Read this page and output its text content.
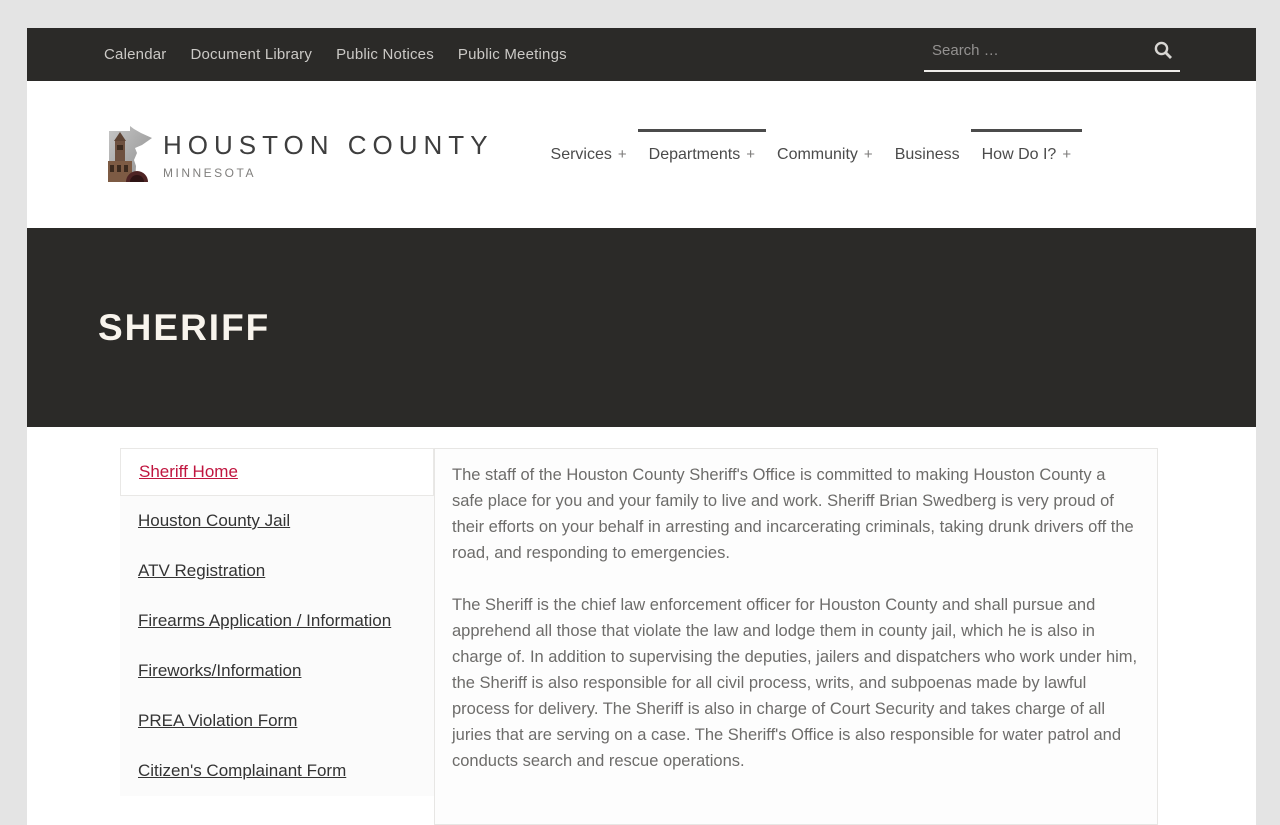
Calendar Document Library Public Notices Public Meetings
Search …
HOUSTON COUNTY
MINNESOTA
Services +	Departments +	Community +	Business	How Do I? +
SHERIFF
Sheriff Home
Houston County Jail
ATV Registration
Firearms Application / Information
Fireworks/Information
PREA Violation Form
Citizen's Complainant Form

The staff of the Houston County Sheriff's Office is committed to making Houston County a safe place for you and your family to live and work. Sheriff Brian Swedberg is very proud of their efforts on your behalf in arresting and incarcerating criminals, taking drunk drivers off the road, and responding to emergencies.

The Sheriff is the chief law enforcement officer for Houston County and shall pursue and apprehend all those that violate the law and lodge them in county jail, which he is also in charge of. In addition to supervising the deputies, jailers and dispatchers who work under him, the Sheriff is also responsible for all civil process, writs, and subpoenas made by lawful process for delivery. The Sheriff is also in charge of Court Security and takes charge of all juries that are serving on a case. The Sheriff's Office is also responsible for water patrol and conducts search and rescue operations.
